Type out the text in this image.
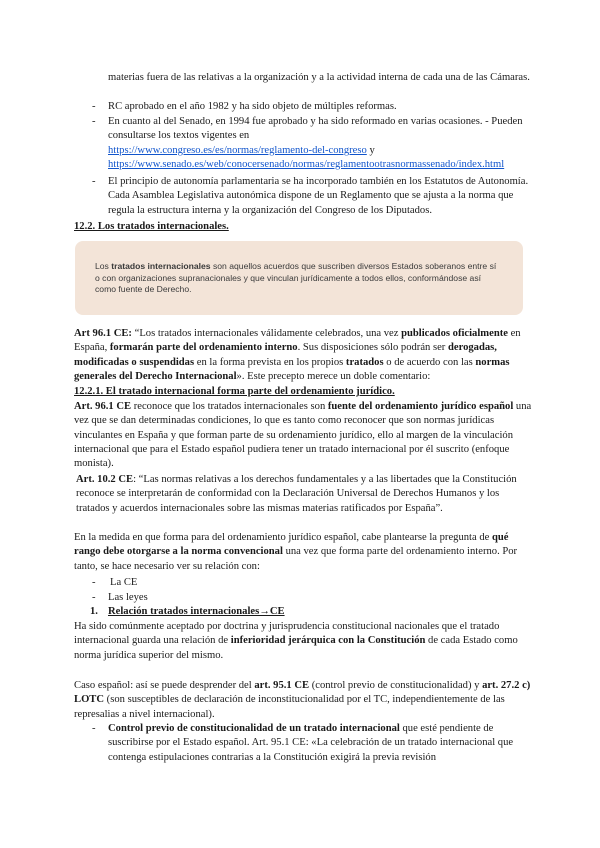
materias fuera de las relativas a la organización y a la actividad interna de cada una de las Cámaras.

-	RC aprobado en el año 1982 y ha sido objeto de múltiples reformas.

-	En cuanto al del Senado, en 1994 fue aprobado y ha sido reformado en varias ocasiones. - Pueden consultarse los textos vigentes en

https://www.congreso.es/es/normas/reglamento-del-congreso y

https://www.senado.es/web/conocersenado/normas/reglamentootrasnormassenado/index.html

-	El principio de autonomía parlamentaria se ha incorporado también en los Estatutos de Autonomía. Cada Asamblea Legislativa autonómica dispone de un Reglamento que se ajusta a la norma que regula la estructura interna y la organización del Congreso de los Diputados.

12.2. Los tratados internacionales.

Los tratados internacionales son aquellos acuerdos que suscriben diversos Estados soberanos entre sí o con organizaciones supranacionales y que vinculan jurídicamente a todos ellos, conformándose así como fuente de Derecho.

Art 96.1 CE: “Los tratados internacionales válidamente celebrados, una vez publicados oficialmente en España, formarán parte del ordenamiento interno. Sus disposiciones sólo podrán ser derogadas, modificadas o suspendidas en la forma prevista en los propios tratados o de acuerdo con las normas generales del Derecho Internacional». Este precepto merece un doble comentario:

12.2.1. El tratado internacional forma parte del ordenamiento jurídico.

Art. 96.1 CE reconoce que los tratados internacionales son fuente del ordenamiento jurídico español una vez que se dan determinadas condiciones, lo que es tanto como reconocer que son normas jurídicas vinculantes en España y que forman parte de su ordenamiento jurídico, ello al margen de la vinculación internacional que para el Estado español pudiera tener un tratado internacional por él suscrito (enfoque monista).

Art. 10.2 CE: “Las normas relativas a los derechos fundamentales y a las libertades que la Constitución reconoce se interpretarán de conformidad con la Declaración Universal de Derechos Humanos y los tratados y acuerdos internacionales sobre las mismas materias ratificados por España”.

En la medida en que forma para del ordenamiento jurídico español, cabe plantearse la pregunta de qué rango debe otorgarse a la norma convencional una vez que forma parte del ordenamiento interno. Por tanto, se hace necesario ver su relación con:

- La CE

- Las leyes

1. Relación tratados internacionales→CE

Ha sido comúnmente aceptado por doctrina y jurisprudencia constitucional nacionales que el tratado internacional guarda una relación de inferioridad jerárquica con la Constitución de cada Estado como norma jurídica superior del mismo.

Caso español: así se puede desprender del art. 95.1 CE (control previo de constitucionalidad) y art. 27.2 c) LOTC (son susceptibles de declaración de inconstitucionalidad por el TC, independientemente de las represalias a nivel internacional).

-	Control previo de constitucionalidad de un tratado internacional que esté pendiente de suscribirse por el Estado español. Art. 95.1 CE: «La celebración de un tratado internacional que contenga estipulaciones contrarias a la Constitución exigirá la previa revisión
